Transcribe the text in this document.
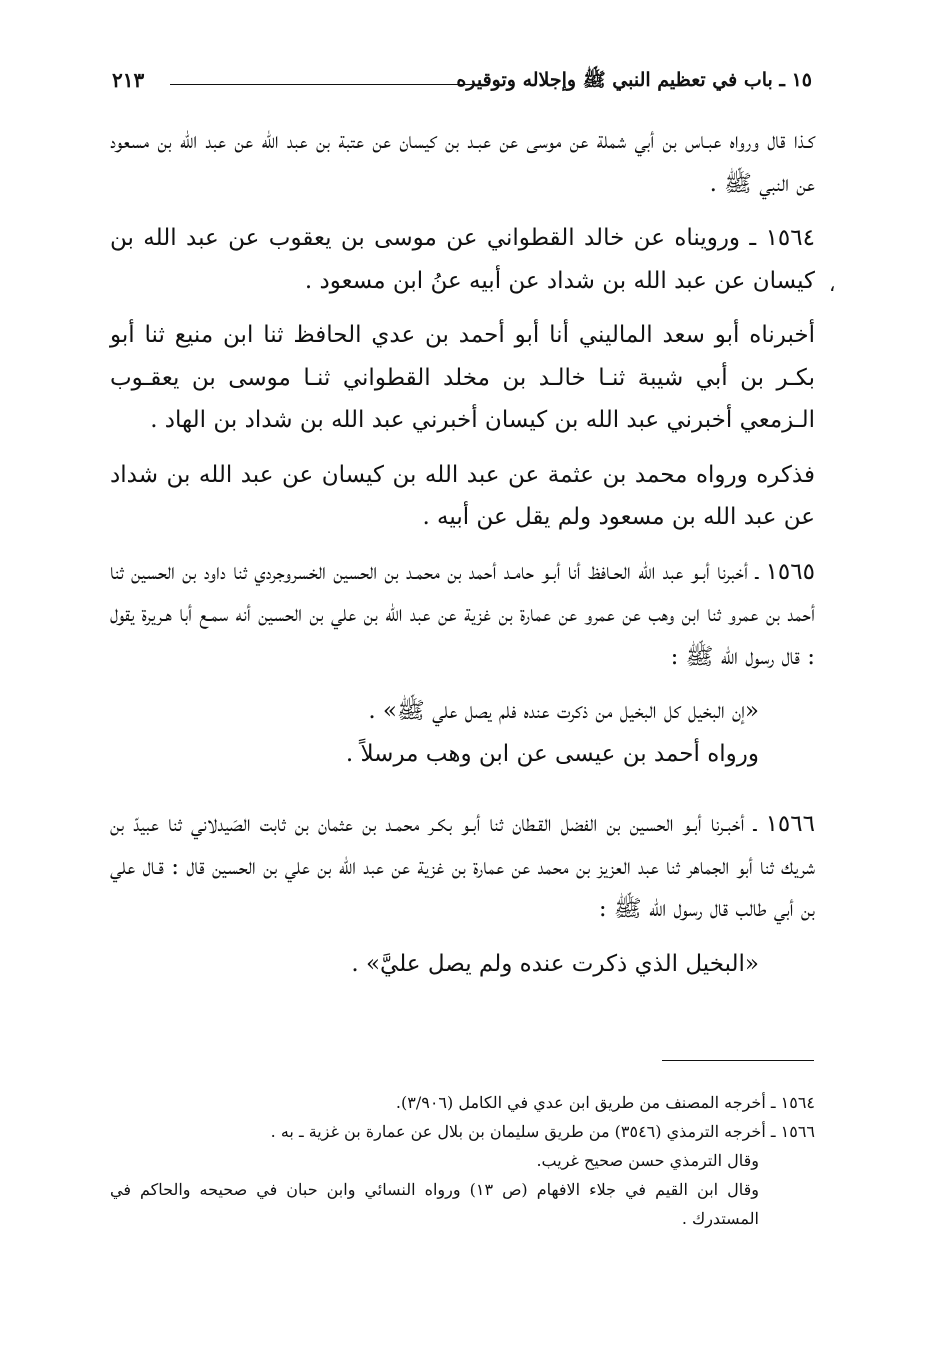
١٥ ـ باب في تعظيم النبي ﷺ وإجلاله وتوقيره
٢١٣

كـذا قال ورواه عبـاس بن أبي شملة عن موسى عن عبـد بن كيسان عن عتبة بن عبد الله عن عبد الله بن مسعود عن النبي ﷺ .

١٥٦٤ ـ ورويناه عن خالد القطواني عن موسى بن يعقوب عن عبد الله بن كيسان عن عبد الله بن شداد عن أبيه عنُ ابن مسعود .

أخبرناه أبو سعد الماليني أنا أبو أحمد بن عدي الحافظ ثنا ابن منيع ثنا أبو بكـر بن أبي شيبة ثنـا خالـد بن مخلد القطواني ثنـا موسى بن يعقـوب الـزمعي أخبرني عبد الله بن كيسان أخبرني عبد الله بن شداد بن الهاد .

فذكره ورواه محمد بن عثمة عن عبد الله بن كيسان عن عبد الله بن شداد عن عبد الله بن مسعود ولم يقل عن أبيه .

١٥٦٥ ـ أخبرنا أبـو عبد الله الحـافظ أنا أبـو حامـد أحمد بن محمـد بن الحسين الخسروجردي ثنا داود بن الحسين ثنا أحمد بن عمرو ثنا ابن وهب عن عمرو عن عمارة بن غزية عن عبد الله بن علي بن الحسين أنه سمـع أبا هـريرة يقول : قال رسول الله ﷺ :

«إن البخيل كل البخيل من ذكرت عنده فلم يصل علي ﷺ» .

ورواه أحمد بن عيسى عن ابن وهب مرسلاً .

١٥٦٦ ـ أخبـرنا أبـو الحسين بن الفضل القـطان ثنا أبـو بكـر محمـد بن عثمان بن ثابت الصَيدلاني ثنا عبيدّ بن شريك ثنا أبو الجماهر ثنا عبد العزيز بن محمد عن عمارة بن غزية عن عبد الله بن علي بن الحسين قال : قـال علي بن أبي طالب قال رسول الله ﷺ :

«البخيل الذي ذكرت عنده ولم يصل عليَّ» .

،

١٥٦٤ ـ أخرجه المصنف من طريق ابن عدي في الكامل (٣/٩٠٦).

١٥٦٦ ـ أخرجه الترمذي (٣٥٤٦) من طريق سليمان بن بلال عن عمارة بن غزية ـ به .

وقال الترمذي حسن صحيح غريب.

وقال ابن القيم في جلاء الافهام (ص ١٣) ورواه النسائي وابن حبان في صحيحه والحاكم في المستدرك .
